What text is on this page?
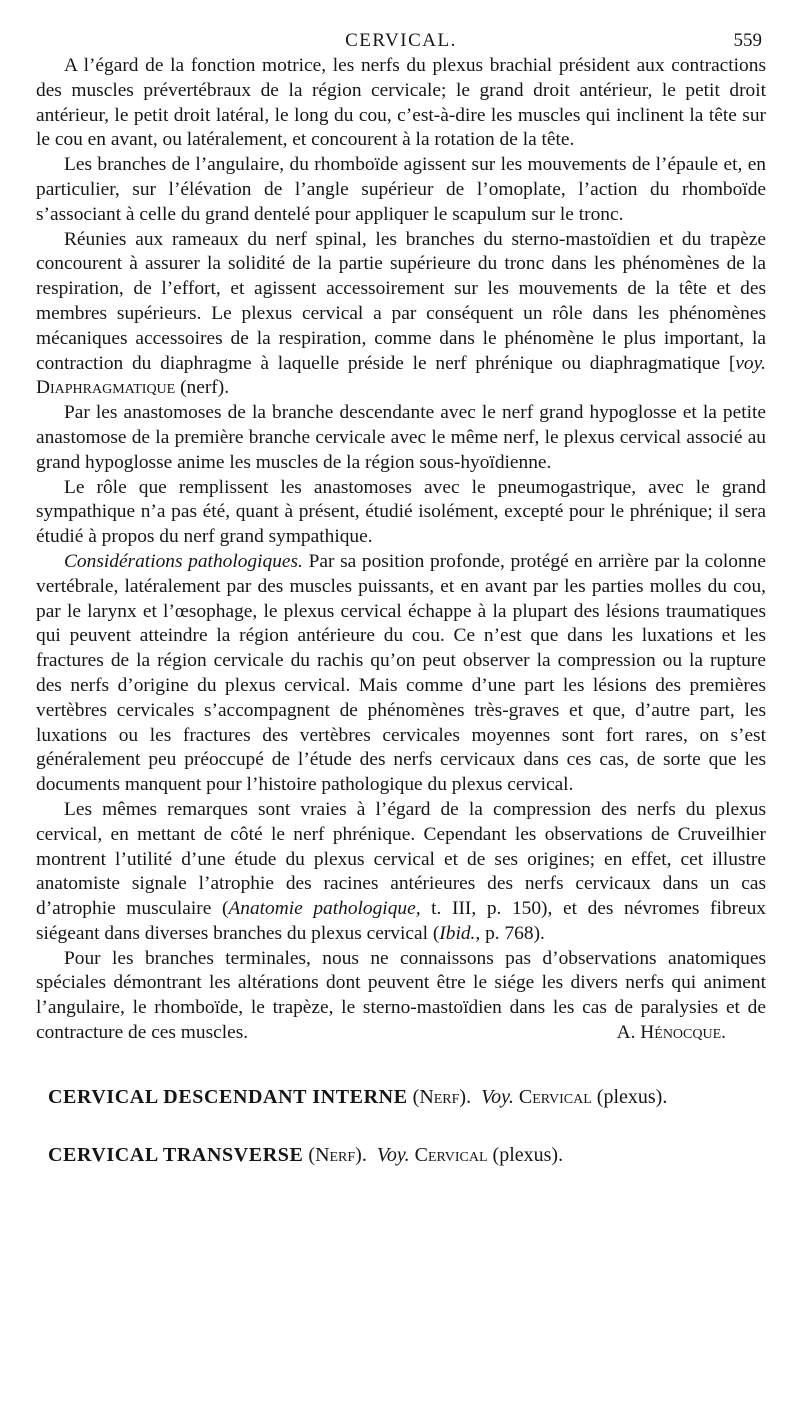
CERVICAL.	559

A l’égard de la fonction motrice, les nerfs du plexus brachial président aux contractions des muscles prévertébraux de la région cervicale; le grand droit antérieur, le petit droit antérieur, le petit droit latéral, le long du cou, c’est-à-dire les muscles qui inclinent la tête sur le cou en avant, ou latéralement, et concourent à la rotation de la tête.

Les branches de l’angulaire, du rhomboïde agissent sur les mouvements de l’épaule et, en particulier, sur l’élévation de l’angle supérieur de l’omoplate, l’action du rhomboïde s’associant à celle du grand dentelé pour appliquer le scapulum sur le tronc.

Réunies aux rameaux du nerf spinal, les branches du sterno-mastoïdien et du trapèze concourent à assurer la solidité de la partie supérieure du tronc dans les phénomènes de la respiration, de l’effort, et agissent accessoirement sur les mouvements de la tête et des membres supérieurs. Le plexus cervical a par conséquent un rôle dans les phénomènes mécaniques accessoires de la respiration, comme dans le phénomène le plus important, la contraction du diaphragme à laquelle préside le nerf phrénique ou diaphragmatique [voy. Diaphragmatique (nerf).

Par les anastomoses de la branche descendante avec le nerf grand hypoglosse et la petite anastomose de la première branche cervicale avec le même nerf, le plexus cervical associé au grand hypoglosse anime les muscles de la région sous-hyoïdienne.

Le rôle que remplissent les anastomoses avec le pneumogastrique, avec le grand sympathique n’a pas été, quant à présent, étudié isolément, excepté pour le phrénique; il sera étudié à propos du nerf grand sympathique.

Considérations pathologiques. Par sa position profonde, protégé en arrière par la colonne vertébrale, latéralement par des muscles puissants, et en avant par les parties molles du cou, par le larynx et l’œsophage, le plexus cervical échappe à la plupart des lésions traumatiques qui peuvent atteindre la région antérieure du cou. Ce n’est que dans les luxations et les fractures de la région cervicale du rachis qu’on peut observer la compression ou la rupture des nerfs d’origine du plexus cervical. Mais comme d’une part les lésions des premières vertèbres cervicales s’accompagnent de phénomènes très-graves et que, d’autre part, les luxations ou les fractures des vertèbres cervicales moyennes sont fort rares, on s’est généralement peu préoccupé de l’étude des nerfs cervicaux dans ces cas, de sorte que les documents manquent pour l’histoire pathologique du plexus cervical.

Les mêmes remarques sont vraies à l’égard de la compression des nerfs du plexus cervical, en mettant de côté le nerf phrénique. Cependant les observations de Cruveilhier montrent l’utilité d’une étude du plexus cervical et de ses origines; en effet, cet illustre anatomiste signale l’atrophie des racines antérieures des nerfs cervicaux dans un cas d’atrophie musculaire (Anatomie pathologique, t. III, p. 150), et des névromes fibreux siégeant dans diverses branches du plexus cervical (Ibid., p. 768).

Pour les branches terminales, nous ne connaissons pas d’observations anatomiques spéciales démontrant les altérations dont peuvent être le siége les divers nerfs qui animent l’angulaire, le rhomboïde, le trapèze, le sterno-mastoïdien dans les cas de paralysies et de contracture de ces muscles.	A. Hénocque.

CERVICAL DESCENDANT INTERNE (Nerf). Voy. Cervical (plexus).

CERVICAL TRANSVERSE (Nerf). Voy. Cervical (plexus).
